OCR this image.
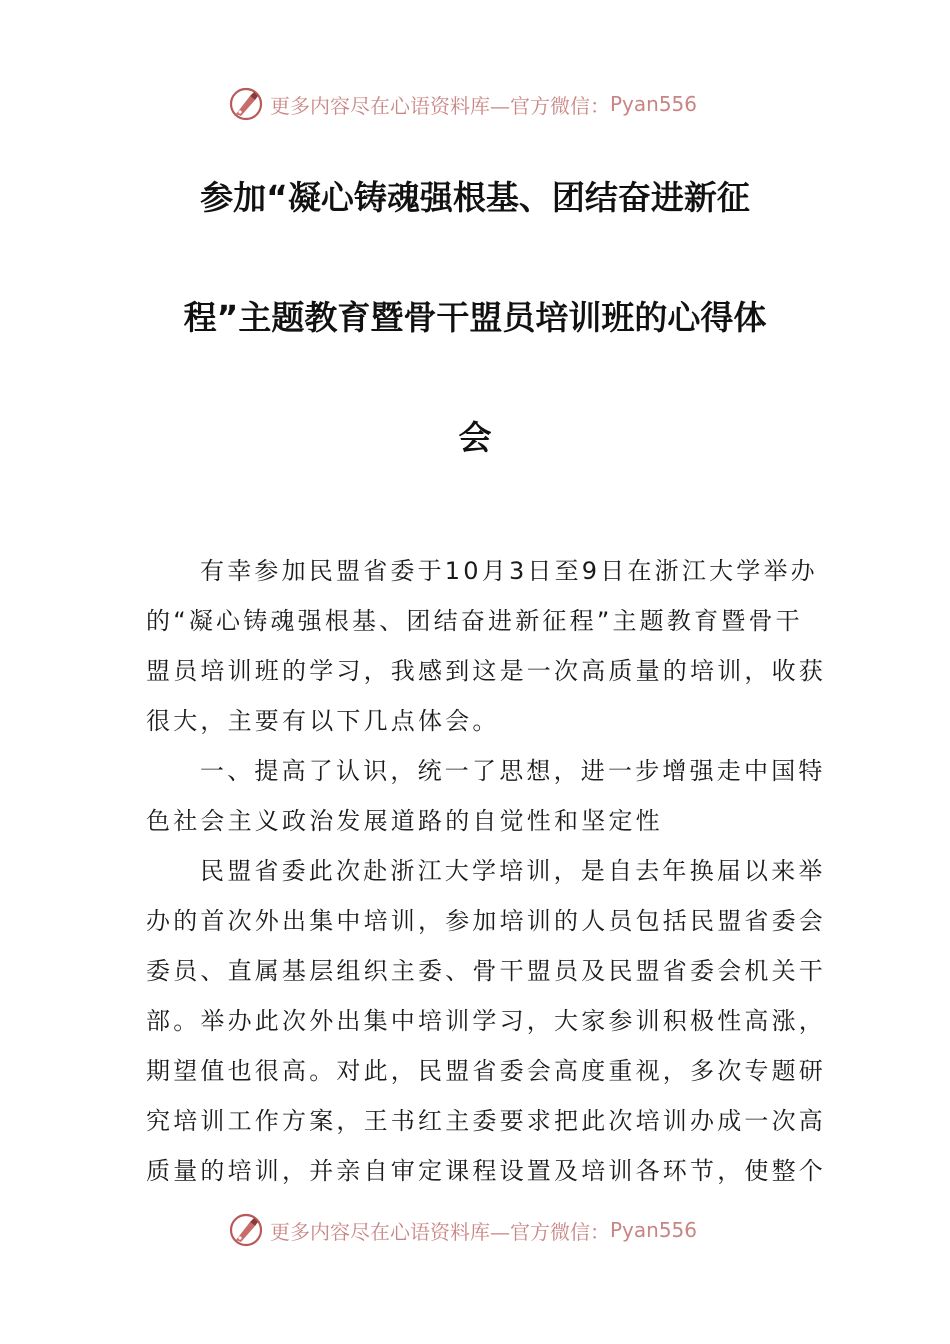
更多内容尽在心语资料库—官方微信： Pyan556
参加“凝心铸魂强根基、团结奋进新征
程”主题教育暨骨干盟员培训班的心得体
会
有幸参加民盟省委于10月3日至9日在浙江大学举办
的“凝心铸魂强根基、团结奋进新征程”主题教育暨骨干
盟员培训班的学习，我感到这是一次高质量的培训，收获
很大，主要有以下几点体会。
一、提高了认识，统一了思想，进一步增强走中国特
色社会主义政治发展道路的自觉性和坚定性
民盟省委此次赴浙江大学培训，是自去年换届以来举
办的首次外出集中培训，参加培训的人员包括民盟省委会
委员、直属基层组织主委、骨干盟员及民盟省委会机关干
部。举办此次外出集中培训学习，大家参训积极性高涨，
期望值也很高。对此，民盟省委会高度重视，多次专题研
究培训工作方案，王书红主委要求把此次培训办成一次高
质量的培训，并亲自审定课程设置及培训各环节，使整个
更多内容尽在心语资料库—官方微信： Pyan556
